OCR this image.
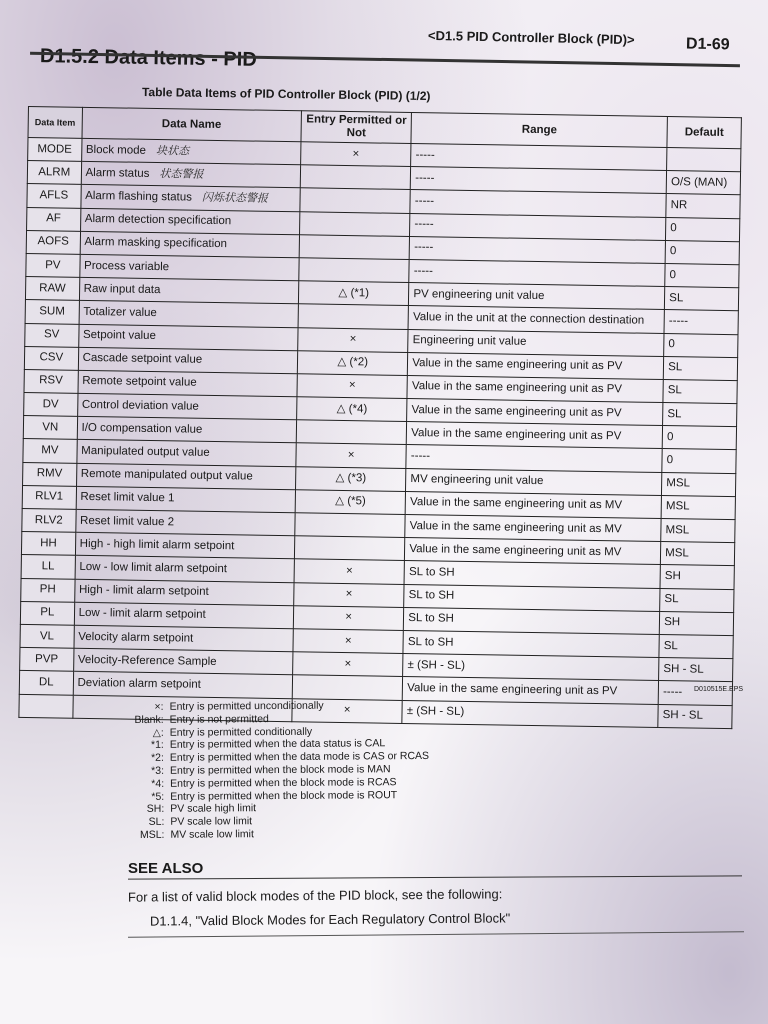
<D1.5 PID Controller Block (PID)>	D1-69
D1.5.2 Data Items - PID
Table Data Items of PID Controller Block (PID) (1/2)
Data Item	Data Name	Entry Permitted or Not	Range	Default
MODE	Block mode 块状态	×	-----	
ALRM	Alarm status 状态警报		-----	O/S (MAN)
AFLS	Alarm flashing status 闪烁状态警报		-----	NR
AF	Alarm detection specification		-----	0
AOFS	Alarm masking specification		-----	0
PV	Process variable		-----	0
RAW	Raw input data	△ (*1)	PV engineering unit value	SL
SUM	Totalizer value		Value in the unit at the connection destination	-----
SV	Setpoint value	×	Engineering unit value	0
CSV	Cascade setpoint value	△ (*2)	Value in the same engineering unit as PV	SL
RSV	Remote setpoint value	×	Value in the same engineering unit as PV	SL
DV	Control deviation value	△ (*4)	Value in the same engineering unit as PV	SL
VN	I/O compensation value		Value in the same engineering unit as PV	0
MV	Manipulated output value	×	-----	0
RMV	Remote manipulated output value	△ (*3)	MV engineering unit value	MSL
RLV1	Reset limit value 1	△ (*5)	Value in the same engineering unit as MV	MSL
RLV2	Reset limit value 2		Value in the same engineering unit as MV	MSL
HH	High - high limit alarm setpoint		Value in the same engineering unit as MV	MSL
LL	Low - low limit alarm setpoint	×	SL to SH	SH
PH	High - limit alarm setpoint	×	SL to SH	SL
PL	Low - limit alarm setpoint	×	SL to SH	SH
VL	Velocity alarm setpoint	×	SL to SH	SL
PVP	Velocity-Reference Sample	×	± (SH - SL)	SH - SL
DL	Deviation alarm setpoint		Value in the same engineering unit as PV	-----
		×	± (SH - SL)	SH - SL
D010515E.EPS
×: Entry is permitted unconditionally
Blank: Entry is not permitted
△: Entry is permitted conditionally
*1: Entry is permitted when the data status is CAL
*2: Entry is permitted when the data mode is CAS or RCAS
*3: Entry is permitted when the block mode is MAN
*4: Entry is permitted when the block mode is RCAS
*5: Entry is permitted when the block mode is ROUT
SH: PV scale high limit
SL: PV scale low limit
MSL: MV scale low limit
SEE ALSO
For a list of valid block modes of the PID block, see the following:
D1.1.4, "Valid Block Modes for Each Regulatory Control Block"
